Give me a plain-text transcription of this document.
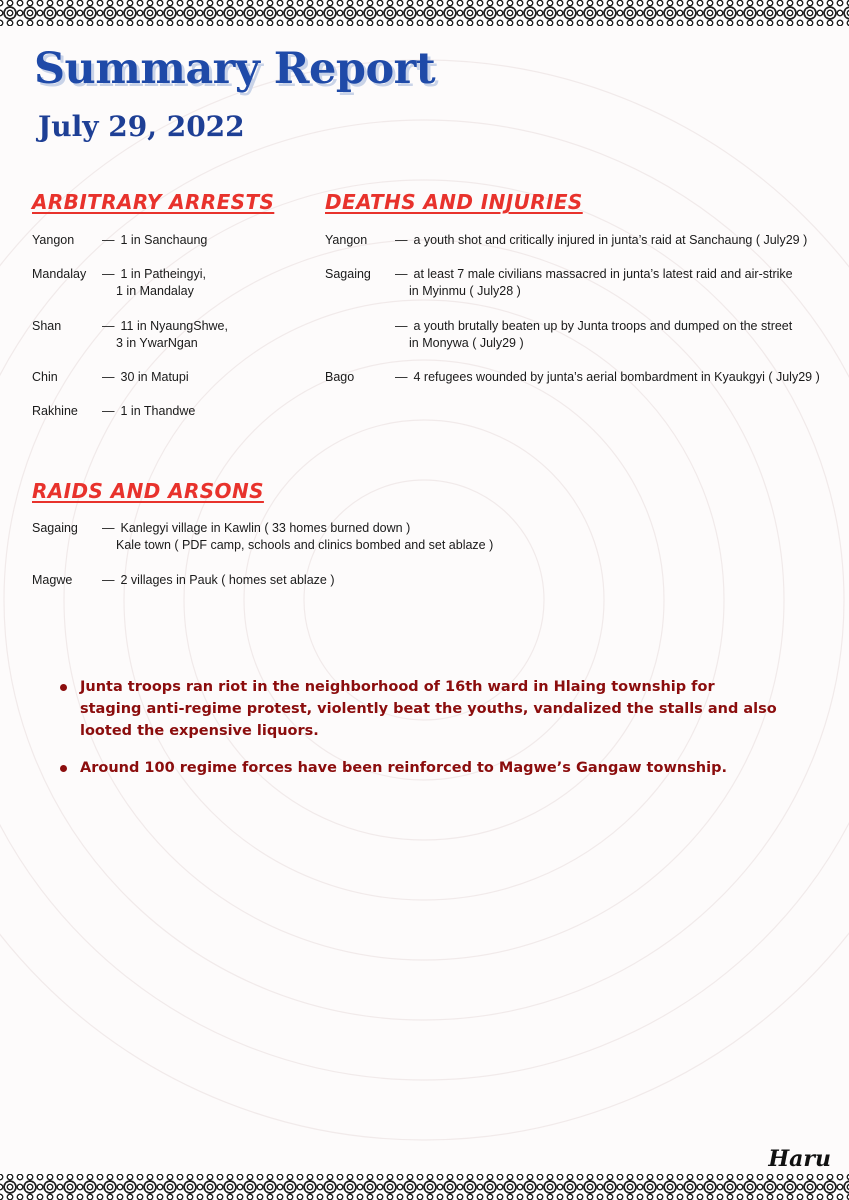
Summary Report
July 29, 2022
ARBITRARY ARRESTS	DEATHS AND INJURIES
Yangon — 1 in Sanchaung
Mandalay — 1 in Patheingyi,
1 in Mandalay
Shan	— 11 in NyaungShwe,
3 in YwarNgan
Chin	— 30 in Matupi
Rakhine — 1 in Thandwe
Yangon — a youth shot and critically injured in junta’s raid at Sanchaung ( July29 )
Sagaing — at least 7 male civilians massacred in junta’s latest raid and air-strike
in Myinmu ( July28 )
— a youth brutally beaten up by Junta troops and dumped on the street
in Monywa ( July29 )
Bago	— 4 refugees wounded by junta’s aerial bombardment in Kyaukgyi ( July29 )
RAIDS AND ARSONS
Sagaing — Kanlegyi village in Kawlin ( 33 homes burned down )
Kale town ( PDF camp, schools and clinics bombed and set ablaze )
Magwe — 2 villages in Pauk ( homes set ablaze )
Junta troops ran riot in the neighborhood of 16th ward in Hlaing township for staging anti-regime protest, violently beat the youths, vandalized the stalls and also looted the expensive liquors.
Around 100 regime forces have been reinforced to Magwe’s Gangaw township.
Haru
